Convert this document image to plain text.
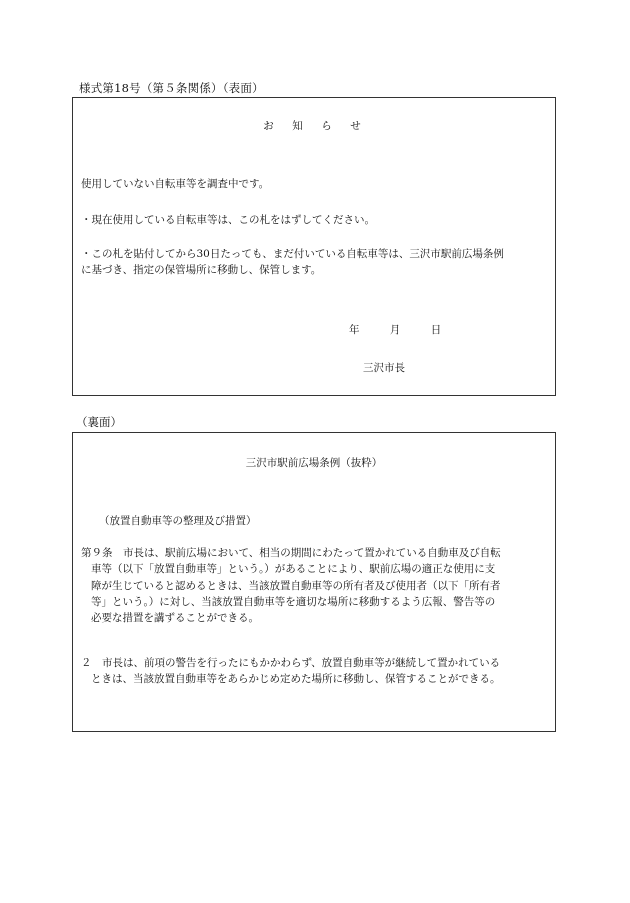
様式第18号（第５条関係）（表面）
お　知　ら　せ
使用していない自転車等を調査中です。
・現在使用している自転車等は、この札をはずしてください。
・この札を貼付してから30日たっても、まだ付いている自転車等は、三沢市駅前広場条例
に基づき、指定の保管場所に移動し、保管します。
年	月	日
三沢市長
（裏面）
三沢市駅前広場条例（抜粋）
（放置自動車等の整理及び措置）
第９条　市長は、駅前広場において、相当の期間にわたって置かれている自動車及び自転
車等（以下「放置自動車等」という。）があることにより、駅前広場の適正な使用に支
障が生じていると認めるときは、当該放置自動車等の所有者及び使用者（以下「所有者
等」という。）に対し、当該放置自動車等を適切な場所に移動するよう広報、警告等の
必要な措置を講ずることができる。
２　市長は、前項の警告を行ったにもかかわらず、放置自動車等が継続して置かれている
ときは、当該放置自動車等をあらかじめ定めた場所に移動し、保管することができる。
